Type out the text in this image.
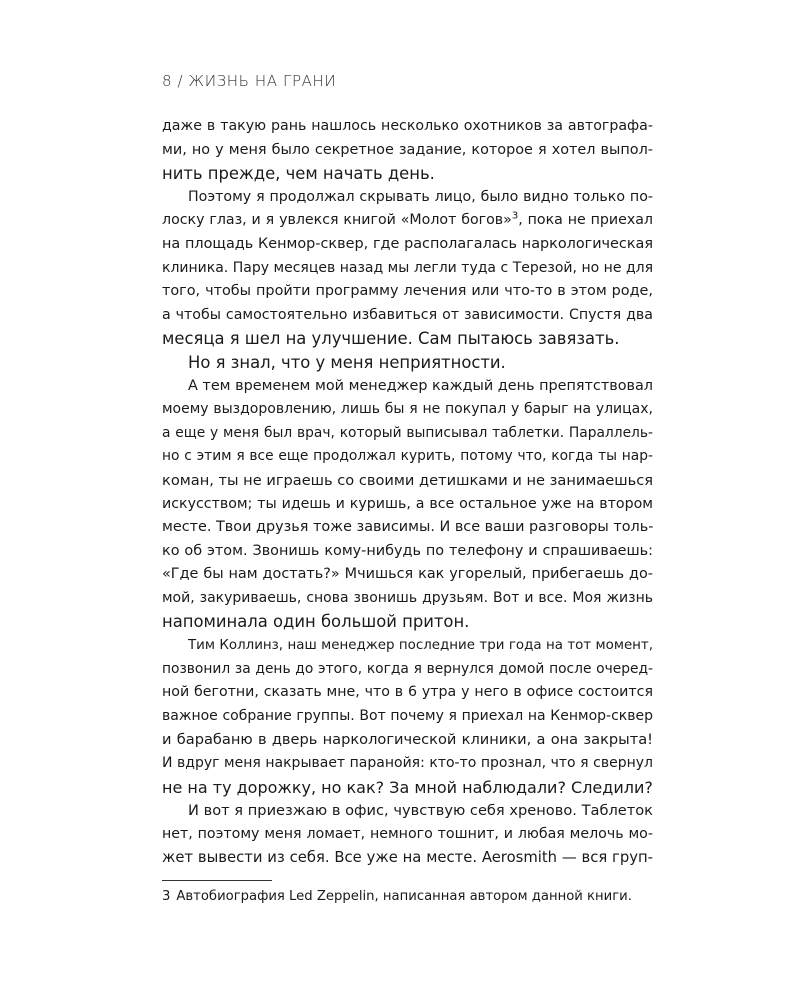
8 / ЖИЗНЬ НА ГРАНИ
даже в такую рань нашлось несколько охотников за автографа-
ми, но у меня было секретное задание, которое я хотел выпол-
нить прежде, чем начать день.
Поэтому я продолжал скрывать лицо, было видно только по-
лоску глаз, и я увлекся книгой «Молот богов»$^3$, пока не приехал
на площадь Кенмор-сквер, где располагалась наркологическая
клиника. Пару месяцев назад мы легли туда с Терезой, но не для
того, чтобы пройти программу лечения или что-то в этом роде,
а чтобы самостоятельно избавиться от зависимости. Спустя два
месяца я шел на улучшение. Сам пытаюсь завязать.
Но я знал, что у меня неприятности.
А тем временем мой менеджер каждый день препятствовал
моему выздоровлению, лишь бы я не покупал у барыг на улицах,
а еще у меня был врач, который выписывал таблетки. Параллель-
но с этим я все еще продолжал курить, потому что, когда ты нар-
коман, ты не играешь со своими детишками и не занимаешься
искусством; ты идешь и куришь, а все остальное уже на втором
месте. Твои друзья тоже зависимы. И все ваши разговоры толь-
ко об этом. Звонишь кому-нибудь по телефону и спрашиваешь:
«Где бы нам достать?» Мчишься как угорелый, прибегаешь до-
мой, закуриваешь, снова звонишь друзьям. Вот и все. Моя жизнь
напоминала один большой притон.
Тим Коллинз, наш менеджер последние три года на тот момент,
позвонил за день до этого, когда я вернулся домой после очеред-
ной беготни, сказать мне, что в 6 утра у него в офисе состоится
важное собрание группы. Вот почему я приехал на Кенмор-сквер
и барабаню в дверь наркологической клиники, а она закрыта!
И вдруг меня накрывает паранойя: кто-то прознал, что я свернул
не на ту дорожку, но как? За мной наблюдали? Следили?
И вот я приезжаю в офис, чувствую себя хреново. Таблеток
нет, поэтому меня ломает, немного тошнит, и любая мелочь мо-
жет вывести из себя. Все уже на месте. Aerosmith — вся груп-
3 Автобиография Led Zeppelin, написанная автором данной книги.
